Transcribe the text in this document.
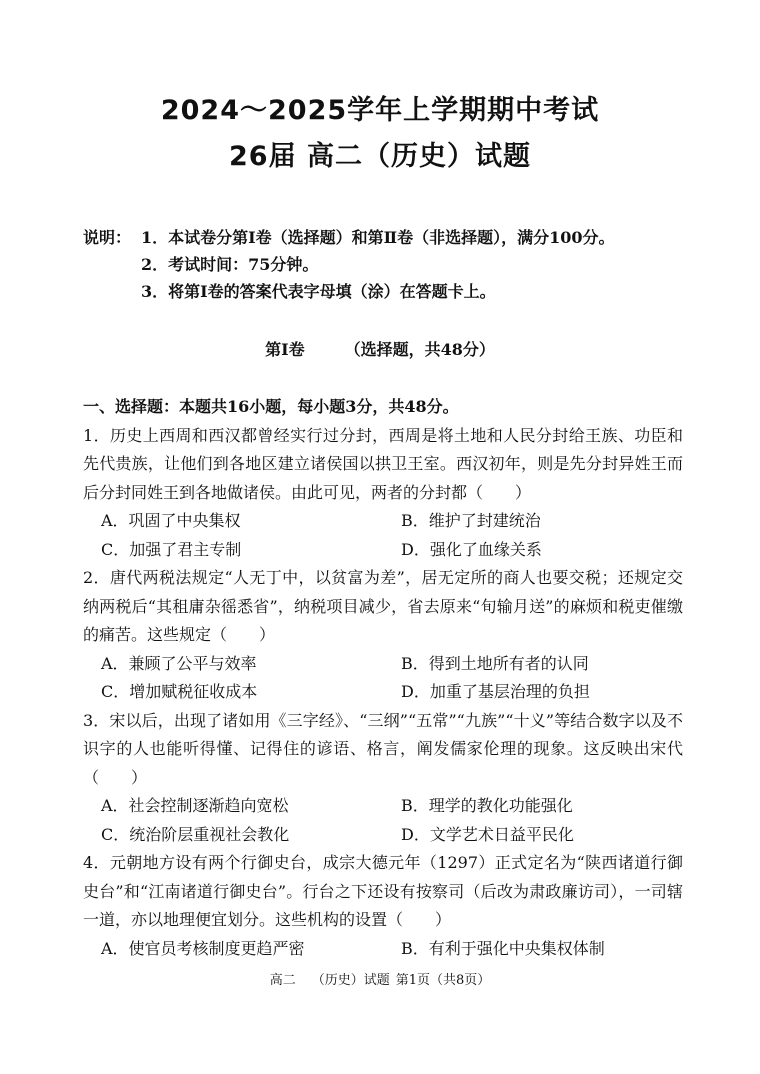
2024～2025学年上学期期中考试
26届 高二（历史）试题
说明： 1．本试卷分第Ⅰ卷（选择题）和第Ⅱ卷（非选择题），满分100分。
2．考试时间：75分钟。
3．将第Ⅰ卷的答案代表字母填（涂）在答题卡上。
第Ⅰ卷	（选择题，共48分）
一、选择题：本题共16小题，每小题3分，共48分。
1．历史上西周和西汉都曾经实行过分封，西周是将土地和人民分封给王族、功臣和先代贵族，让他们到各地区建立诸侯国以拱卫王室。西汉初年，则是先分封异姓王而后分封同姓王到各地做诸侯。由此可见，两者的分封都（　　）
A．巩固了中央集权	B．维护了封建统治
C．加强了君主专制	D．强化了血缘关系
2．唐代两税法规定“人无丁中，以贫富为差”，居无定所的商人也要交税；还规定交纳两税后“其租庸杂徭悉省”，纳税项目减少，省去原来“旬输月送”的麻烦和税吏催缴的痛苦。这些规定（　　）
A．兼顾了公平与效率	B．得到土地所有者的认同
C．增加赋税征收成本	D．加重了基层治理的负担
3．宋以后，出现了诸如用《三字经》、“三纲”“五常”“九族”“十义”等结合数字以及不识字的人也能听得懂、记得住的谚语、格言，阐发儒家伦理的现象。这反映出宋代（　　）
A．社会控制逐渐趋向宽松	B．理学的教化功能强化
C．统治阶层重视社会教化	D．文学艺术日益平民化
4．元朝地方设有两个行御史台，成宗大德元年（1297）正式定名为“陕西诸道行御史台”和“江南诸道行御史台”。行台之下还设有按察司（后改为肃政廉访司），一司辖一道，亦以地理便宜划分。这些机构的设置（　　）
A．使官员考核制度更趋严密	B．有利于强化中央集权体制
高二 （历史）试题 第1页（共8页）
